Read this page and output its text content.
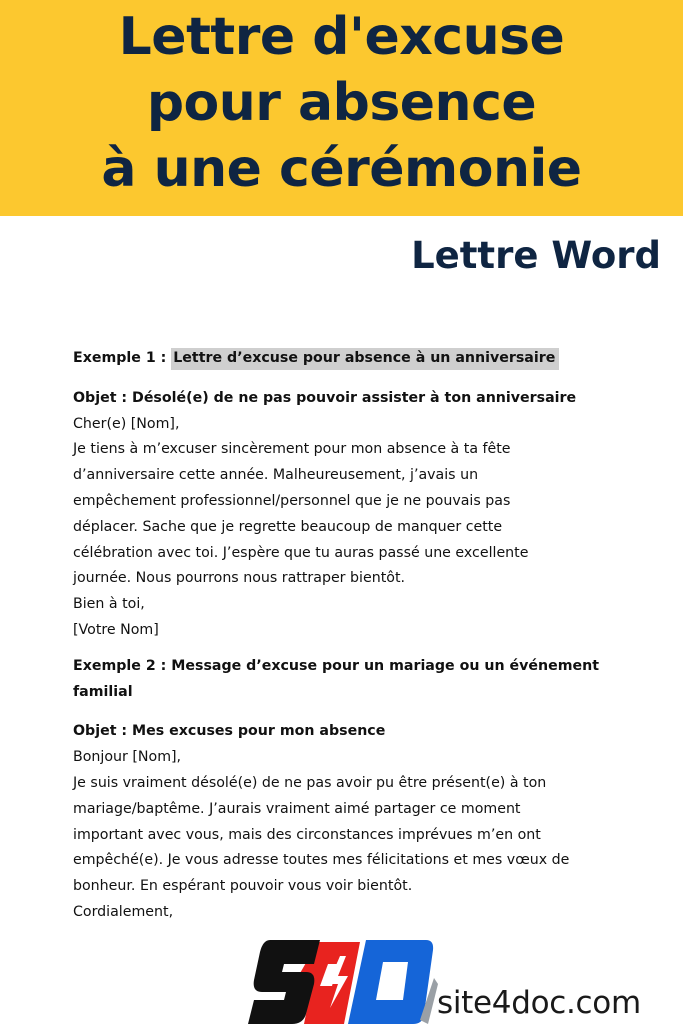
Lettre d'excuse
pour absence
à une cérémonie
Lettre Word

Exemple 1 : Lettre d’excuse pour absence à un anniversaire

Objet : Désolé(e) de ne pas pouvoir assister à ton anniversaire

Cher(e) [Nom],

Je tiens à m’excuser sincèrement pour mon absence à ta fête

d’anniversaire cette année. Malheureusement, j’avais un

empêchement professionnel/personnel que je ne pouvais pas

déplacer. Sache que je regrette beaucoup de manquer cette

célébration avec toi. J’espère que tu auras passé une excellente

journée. Nous pourrons nous rattraper bientôt.

Bien à toi,

[Votre Nom]

Exemple 2 : Message d’excuse pour un mariage ou un événement

familial

Objet : Mes excuses pour mon absence

Bonjour [Nom],

Je suis vraiment désolé(e) de ne pas avoir pu être présent(e) à ton

mariage/baptême. J’aurais vraiment aimé partager ce moment

important avec vous, mais des circonstances imprévues m’en ont

empêché(e). Je vous adresse toutes mes félicitations et mes vœux de

bonheur. En espérant pouvoir vous voir bientôt.

Cordialement,

site4doc.com
